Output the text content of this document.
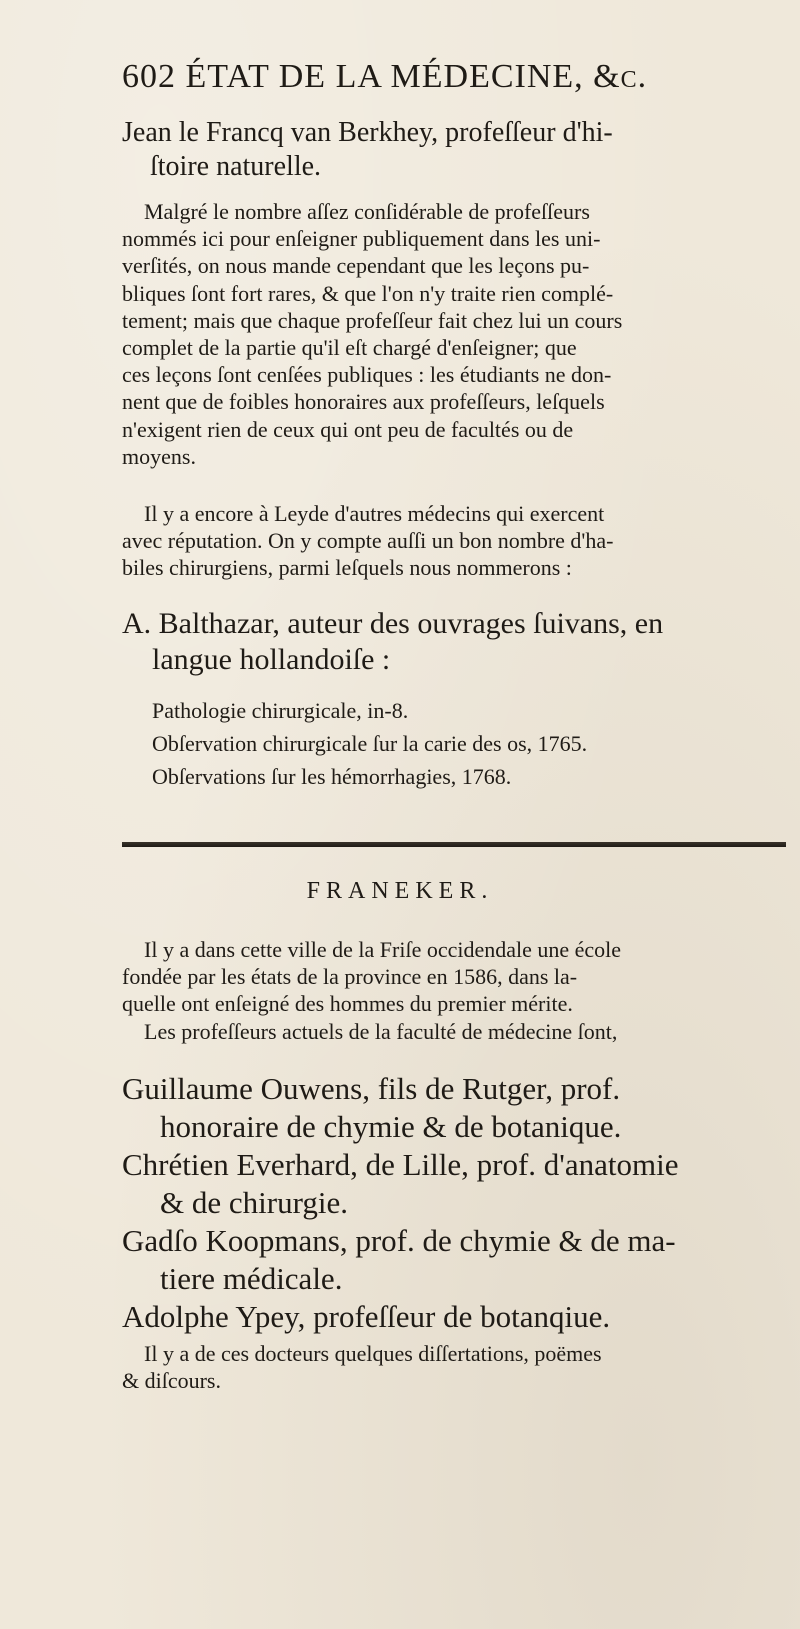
602 ÉTAT DE LA MÉDECINE, &c.
Jean le Francq van Berkhey, profeſſeur d'hi-
ſtoire naturelle.
Malgré le nombre aſſez conſidérable de profeſſeurs
nommés ici pour enſeigner publiquement dans les uni-
verſités, on nous mande cependant que les leçons pu-
bliques ſont fort rares, & que l'on n'y traite rien complé-
tement; mais que chaque profeſſeur fait chez lui un cours
complet de la partie qu'il eſt chargé d'enſeigner; que
ces leçons ſont cenſées publiques : les étudiants ne don-
nent que de foibles honoraires aux profeſſeurs, leſquels
n'exigent rien de ceux qui ont peu de facultés ou de
moyens.
Il y a encore à Leyde d'autres médecins qui exercent
avec réputation. On y compte auſſi un bon nombre d'ha-
biles chirurgiens, parmi leſquels nous nommerons :
A. Balthazar, auteur des ouvrages ſuivans, en
langue hollandoiſe :
Pathologie chirurgicale, in-8.
Obſervation chirurgicale ſur la carie des os, 1765.
Obſervations ſur les hémorrhagies, 1768.
FRANEKER.
Il y a dans cette ville de la Friſe occidendale une école
fondée par les états de la province en 1586, dans la-
quelle ont enſeigné des hommes du premier mérite.
Les profeſſeurs actuels de la faculté de médecine ſont,
Guillaume Ouwens, fils de Rutger, prof.
honoraire de chymie & de botanique.
Chrétien Everhard, de Lille, prof. d'anatomie
& de chirurgie.
Gadſo Koopmans, prof. de chymie & de ma-
tiere médicale.
Adolphe Ypey, profeſſeur de botanqiue.
Il y a de ces docteurs quelques diſſertations, poëmes
& diſcours.
